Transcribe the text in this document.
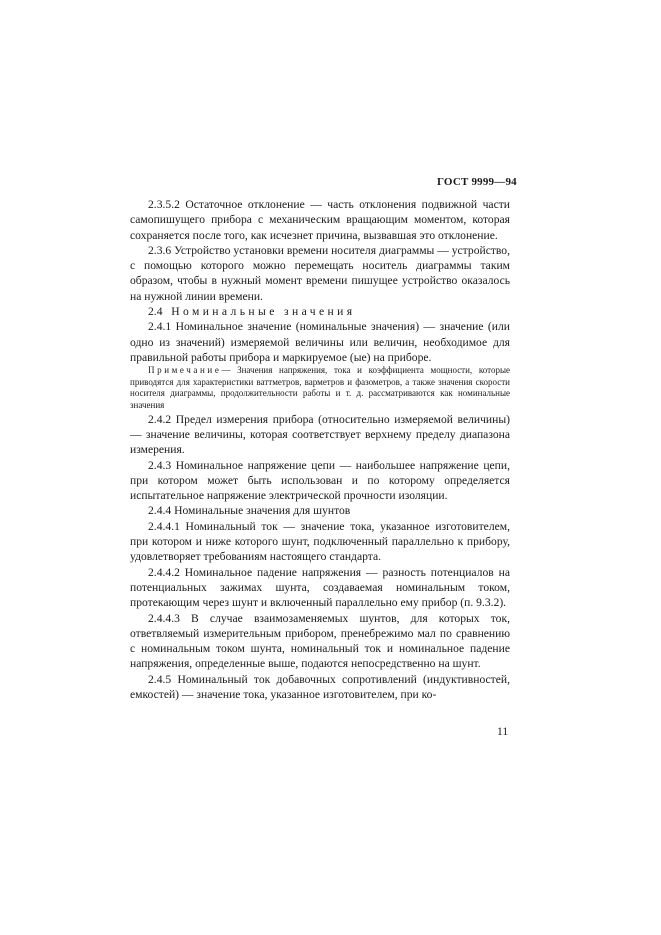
ГОСТ 9999—94

2.3.5.2 Остаточное отклонение — часть отклонения подвижной части самопишущего прибора с механическим вращающим моментом, которая сохраняется после того, как исчезнет причина, вызвавшая это отклонение.

2.3.6 Устройство установки времени носителя диаграммы — устройство, с помощью которого можно перемещать носитель диаграммы таким образом, чтобы в нужный момент времени пишущее устройство оказалось на нужной линии времени.

2.4 Номинальные значения

2.4.1 Номинальное значение (номинальные значения) — значение (или одно из значений) измеряемой величины или величин, необходимое для правильной работы прибора и маркируемое (ые) на приборе.

Примечание— Значения напряжения, тока и коэффициента мощности, которые приводятся для характеристики ваттметров, варметров и фазометров, а также значения скорости носителя диаграммы, продолжительности работы и т. д. рассматриваются как номинальные значения

2.4.2 Предел измерения прибора (относительно измеряемой величины) — значение величины, которая соответствует верхнему пределу диапазона измерения.

2.4.3 Номинальное напряжение цепи — наибольшее напряжение цепи, при котором может быть использован и по которому определяется испытательное напряжение электрической прочности изоляции.

2.4.4 Номинальные значения для шунтов

2.4.4.1 Номинальный ток — значение тока, указанное изготовителем, при котором и ниже которого шунт, подключенный параллельно к прибору, удовлетворяет требованиям настоящего стандарта.

2.4.4.2 Номинальное падение напряжения — разность потенциалов на потенциальных зажимах шунта, создаваемая номинальным током, протекающим через шунт и включенный параллельно ему прибор (п. 9.3.2).

2.4.4.3 В случае взаимозаменяемых шунтов, для которых ток, ответвляемый измерительным прибором, пренебрежимо мал по сравнению с номинальным током шунта, номинальный ток и номинальное падение напряжения, определенные выше, подаются непосредственно на шунт.

2.4.5 Номинальный ток добавочных сопротивлений (индуктивностей, емкостей) — значение тока, указанное изготовителем, при ко-

11
